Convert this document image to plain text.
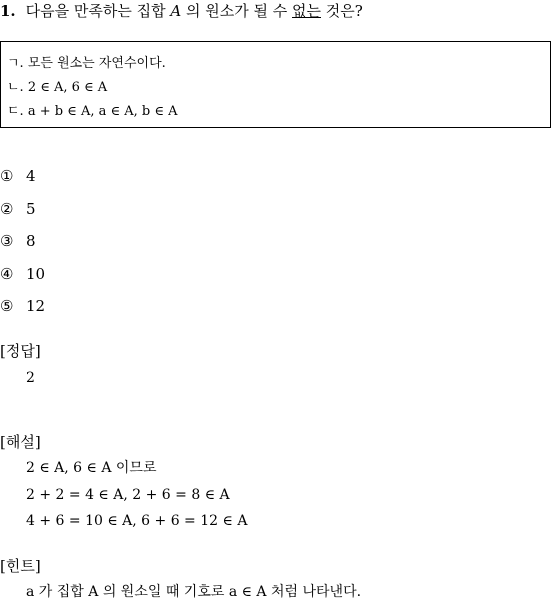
1. 다음을 만족하는 집합 A 의 원소가 될 수 없는 것은?
ㄱ. 모든 원소는 자연수이다.
ㄴ. 2 ∈ A, 6 ∈ A
ㄷ. a + b ∈ A, a ∈ A, b ∈ A
① 4
② 5
③ 8
④ 10
⑤ 12
[정답]
2
[해설]
2 ∈ A, 6 ∈ A 이므로
2 + 2 = 4 ∈ A, 2 + 6 = 8 ∈ A
4 + 6 = 10 ∈ A, 6 + 6 = 12 ∈ A
[힌트]
a 가 집합 A 의 원소일 때 기호로 a ∈ A 처럼 나타낸다.
